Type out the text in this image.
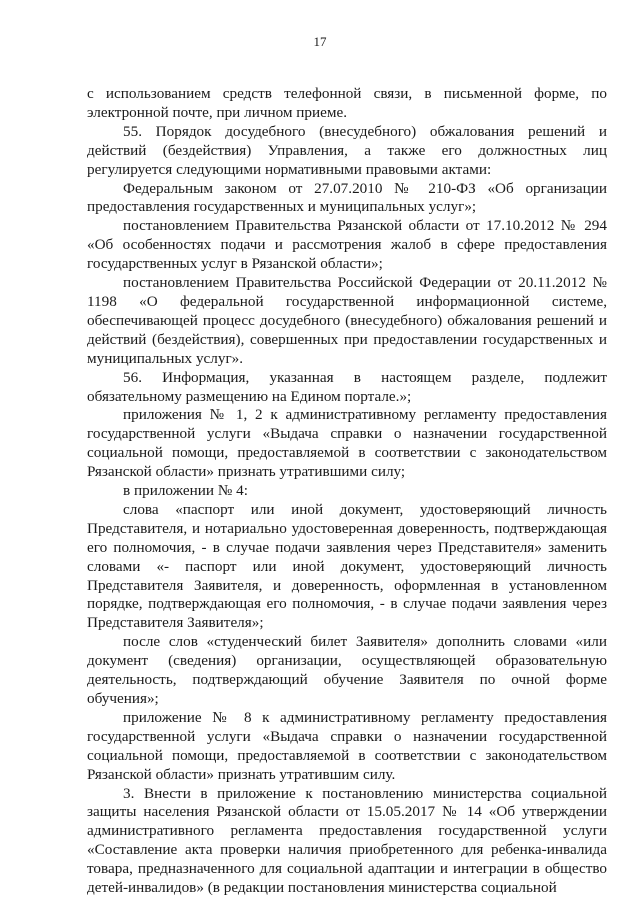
17

с использованием средств телефонной связи, в письменной форме, по электронной почте, при личном приеме.

55. Порядок досудебного (внесудебного) обжалования решений и действий (бездействия) Управления, а также его должностных лиц регулируется следующими нормативными правовыми актами:

Федеральным законом от 27.07.2010 № 210-ФЗ «Об организации предоставления государственных и муниципальных услуг»;

постановлением Правительства Рязанской области от 17.10.2012 № 294 «Об особенностях подачи и рассмотрения жалоб в сфере предоставления государственных услуг в Рязанской области»;

постановлением Правительства Российской Федерации от 20.11.2012 № 1198 «О федеральной государственной информационной системе, обеспечивающей процесс досудебного (внесудебного) обжалования решений и действий (бездействия), совершенных при предоставлении государственных и муниципальных услуг».

56. Информация, указанная в настоящем разделе, подлежит обязательному размещению на Едином портале.»;

приложения № 1, 2 к административному регламенту предоставления государственной услуги «Выдача справки о назначении государственной социальной помощи, предоставляемой в соответствии с законодательством Рязанской области» признать утратившими силу;

в приложении № 4:

слова «паспорт или иной документ, удостоверяющий личность Представителя, и нотариально удостоверенная доверенность, подтверждающая его полномочия, - в случае подачи заявления через Представителя» заменить словами «- паспорт или иной документ, удостоверяющий личность Представителя Заявителя, и доверенность, оформленная в установленном порядке, подтверждающая его полномочия, - в случае подачи заявления через Представителя Заявителя»;

после слов «студенческий билет Заявителя» дополнить словами «или документ (сведения) организации, осуществляющей образовательную деятельность, подтверждающий обучение Заявителя по очной форме обучения»;

приложение № 8 к административному регламенту предоставления государственной услуги «Выдача справки о назначении государственной социальной помощи, предоставляемой в соответствии с законодательством Рязанской области» признать утратившим силу.

3. Внести в приложение к постановлению министерства социальной защиты населения Рязанской области от 15.05.2017 № 14 «Об утверждении административного регламента предоставления государственной услуги «Составление акта проверки наличия приобретенного для ребенка-инвалида товара, предназначенного для социальной адаптации и интеграции в общество детей-инвалидов» (в редакции постановления министерства социальной
